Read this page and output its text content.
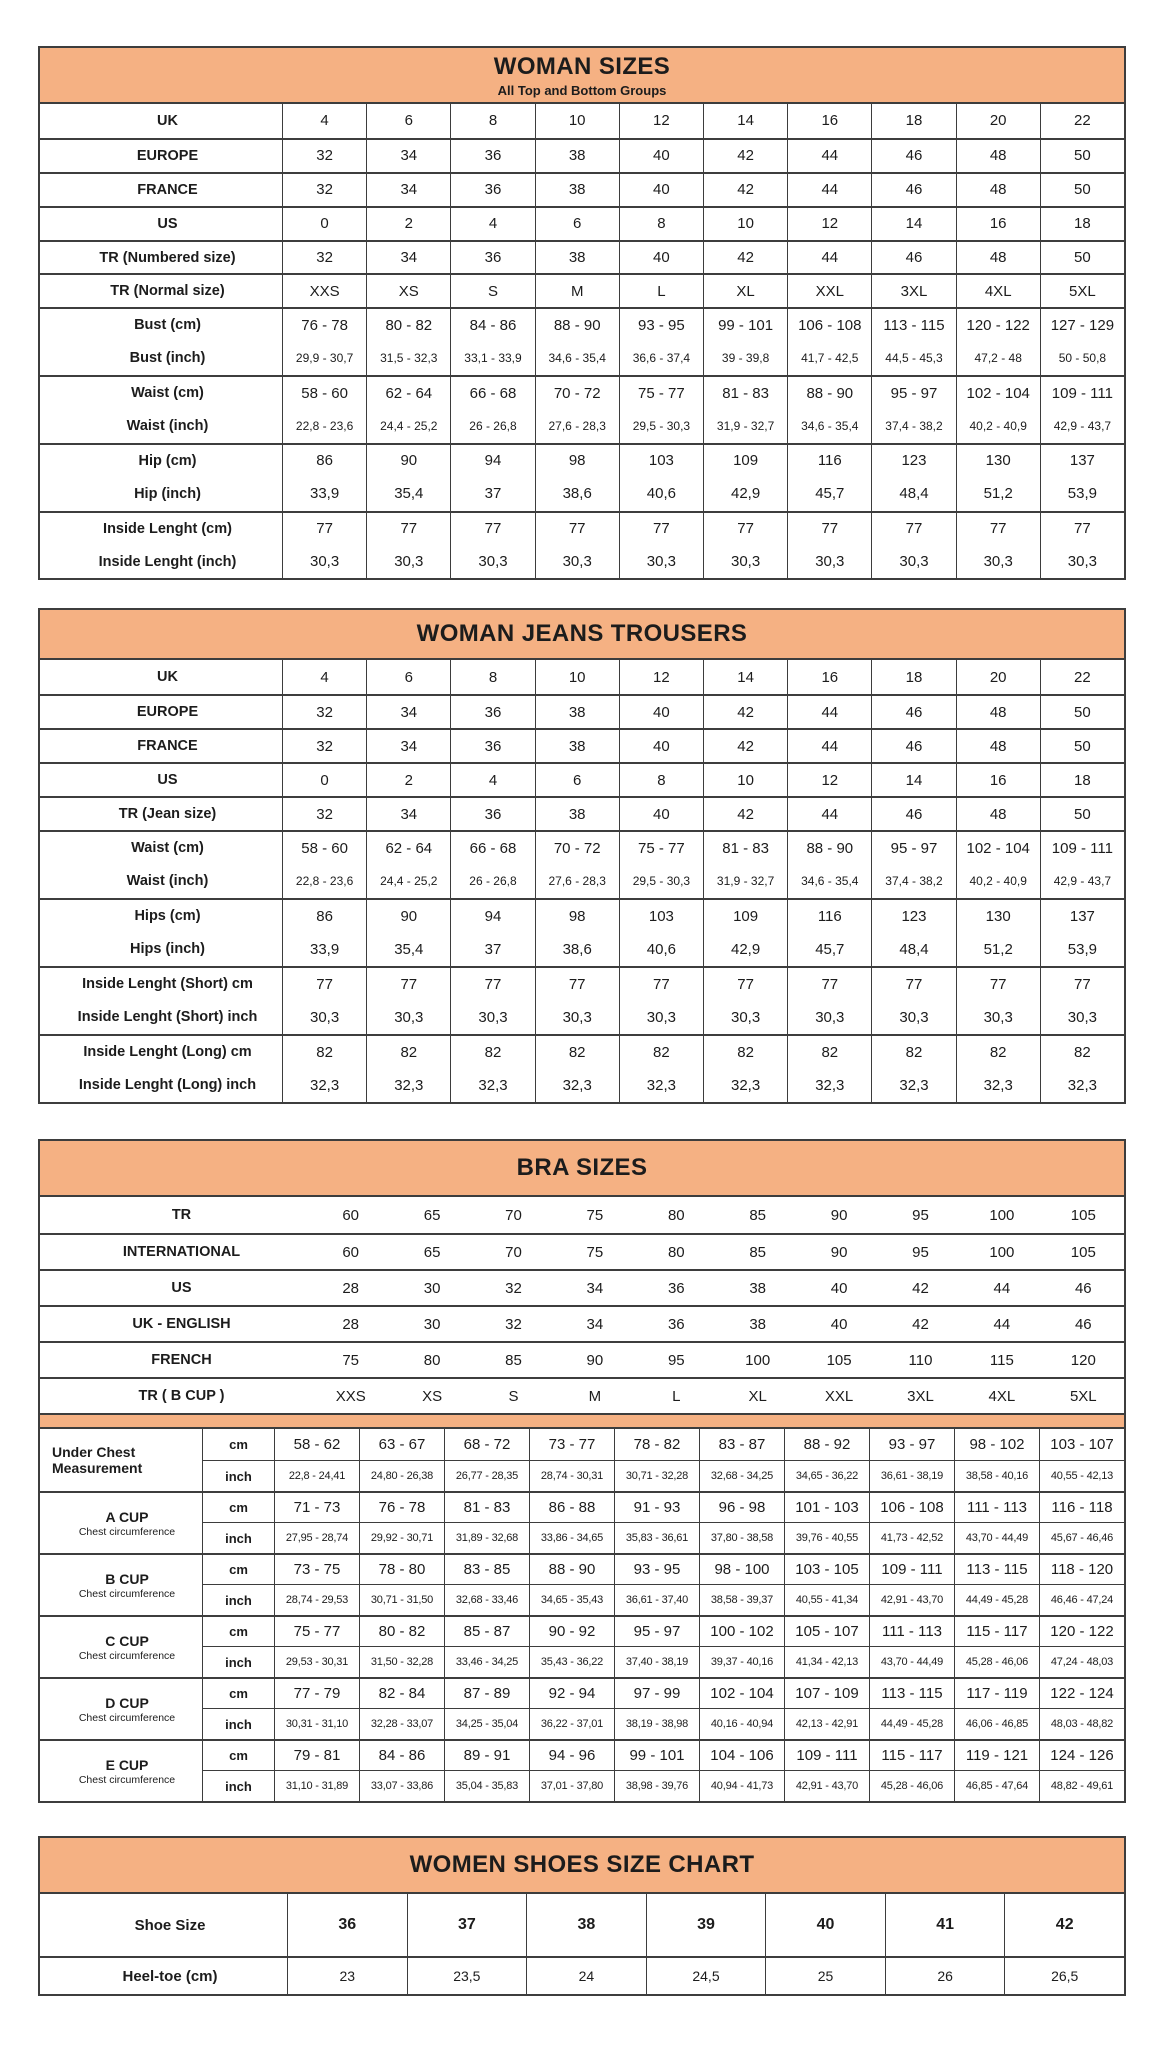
WOMAN SIZES
All Top and Bottom Groups
UK	4	6	8	10	12	14	16	18	20	22
EUROPE	32	34	36	38	40	42	44	46	48	50
FRANCE	32	34	36	38	40	42	44	46	48	50
US	0	2	4	6	8	10	12	14	16	18
TR (Numbered size)	32	34	36	38	40	42	44	46	48	50
TR (Normal size)	XXS	XS	S	M	L	XL	XXL	3XL	4XL	5XL
Bust (cm)	76 - 78	80 - 82	84 - 86	88 - 90	93 - 95	99 - 101	106 - 108	113 - 115	120 - 122	127 - 129
Bust (inch)	29,9 - 30,7	31,5 - 32,3	33,1 - 33,9	34,6 - 35,4	36,6 - 37,4	39 - 39,8	41,7 - 42,5	44,5 - 45,3	47,2 - 48	50 - 50,8
Waist (cm)	58 - 60	62 - 64	66 - 68	70 - 72	75 - 77	81 - 83	88 - 90	95 - 97	102 - 104	109 - 111
Waist (inch)	22,8 - 23,6	24,4 - 25,2	26 - 26,8	27,6 - 28,3	29,5 - 30,3	31,9 - 32,7	34,6 - 35,4	37,4 - 38,2	40,2 - 40,9	42,9 - 43,7
Hip (cm)	86	90	94	98	103	109	116	123	130	137
Hip (inch)	33,9	35,4	37	38,6	40,6	42,9	45,7	48,4	51,2	53,9
Inside Lenght (cm)	77	77	77	77	77	77	77	77	77	77
Inside Lenght (inch)	30,3	30,3	30,3	30,3	30,3	30,3	30,3	30,3	30,3	30,3
WOMAN JEANS TROUSERS
UK	4	6	8	10	12	14	16	18	20	22
EUROPE	32	34	36	38	40	42	44	46	48	50
FRANCE	32	34	36	38	40	42	44	46	48	50
US	0	2	4	6	8	10	12	14	16	18
TR (Jean size)	32	34	36	38	40	42	44	46	48	50
Waist (cm)	58 - 60	62 - 64	66 - 68	70 - 72	75 - 77	81 - 83	88 - 90	95 - 97	102 - 104	109 - 111
Waist (inch)	22,8 - 23,6	24,4 - 25,2	26 - 26,8	27,6 - 28,3	29,5 - 30,3	31,9 - 32,7	34,6 - 35,4	37,4 - 38,2	40,2 - 40,9	42,9 - 43,7
Hips (cm)	86	90	94	98	103	109	116	123	130	137
Hips (inch)	33,9	35,4	37	38,6	40,6	42,9	45,7	48,4	51,2	53,9
Inside Lenght (Short) cm	77	77	77	77	77	77	77	77	77	77
Inside Lenght (Short) inch	30,3	30,3	30,3	30,3	30,3	30,3	30,3	30,3	30,3	30,3
Inside Lenght (Long) cm	82	82	82	82	82	82	82	82	82	82
Inside Lenght (Long) inch	32,3	32,3	32,3	32,3	32,3	32,3	32,3	32,3	32,3	32,3
BRA SIZES
TR	60	65	70	75	80	85	90	95	100	105
INTERNATIONAL	60	65	70	75	80	85	90	95	100	105
US	28	30	32	34	36	38	40	42	44	46
UK - ENGLISH	28	30	32	34	36	38	40	42	44	46
FRENCH	75	80	85	90	95	100	105	110	115	120
TR ( B CUP )	XXS	XS	S	M	L	XL	XXL	3XL	4XL	5XL
Under Chest Measurement
cm	58 - 62	63 - 67	68 - 72	73 - 77	78 - 82	83 - 87	88 - 92	93 - 97	98 - 102	103 - 107
inch	22,8 - 24,41	24,80 - 26,38	26,77 - 28,35	28,74 - 30,31	30,71 - 32,28	32,68 - 34,25	34,65 - 36,22	36,61 - 38,19	38,58 - 40,16	40,55 - 42,13
A CUP
Chest circumference
cm	71 - 73	76 - 78	81 - 83	86 - 88	91 - 93	96 - 98	101 - 103	106 - 108	111 - 113	116 - 118
inch	27,95 - 28,74	29,92 - 30,71	31,89 - 32,68	33,86 - 34,65	35,83 - 36,61	37,80 - 38,58	39,76 - 40,55	41,73 - 42,52	43,70 - 44,49	45,67 - 46,46
B CUP
Chest circumference
cm	73 - 75	78 - 80	83 - 85	88 - 90	93 - 95	98 - 100	103 - 105	109 - 111	113 - 115	118 - 120
inch	28,74 - 29,53	30,71 - 31,50	32,68 - 33,46	34,65 - 35,43	36,61 - 37,40	38,58 - 39,37	40,55 - 41,34	42,91 - 43,70	44,49 - 45,28	46,46 - 47,24
C CUP
Chest circumference
cm	75 - 77	80 - 82	85 - 87	90 - 92	95 - 97	100 - 102	105 - 107	111 - 113	115 - 117	120 - 122
inch	29,53 - 30,31	31,50 - 32,28	33,46 - 34,25	35,43 - 36,22	37,40 - 38,19	39,37 - 40,16	41,34 - 42,13	43,70 - 44,49	45,28 - 46,06	47,24 - 48,03
D CUP
Chest circumference
cm	77 - 79	82 - 84	87 - 89	92 - 94	97 - 99	102 - 104	107 - 109	113 - 115	117 - 119	122 - 124
inch	30,31 - 31,10	32,28 - 33,07	34,25 - 35,04	36,22 - 37,01	38,19 - 38,98	40,16 - 40,94	42,13 - 42,91	44,49 - 45,28	46,06 - 46,85	48,03 - 48,82
E CUP
Chest circumference
cm	79 - 81	84 - 86	89 - 91	94 - 96	99 - 101	104 - 106	109 - 111	115 - 117	119 - 121	124 - 126
inch	31,10 - 31,89	33,07 - 33,86	35,04 - 35,83	37,01 - 37,80	38,98 - 39,76	40,94 - 41,73	42,91 - 43,70	45,28 - 46,06	46,85 - 47,64	48,82 - 49,61
WOMEN SHOES SIZE CHART
Shoe Size	36	37	38	39	40	41	42
Heel-toe (cm)	23	23,5	24	24,5	25	26	26,5
